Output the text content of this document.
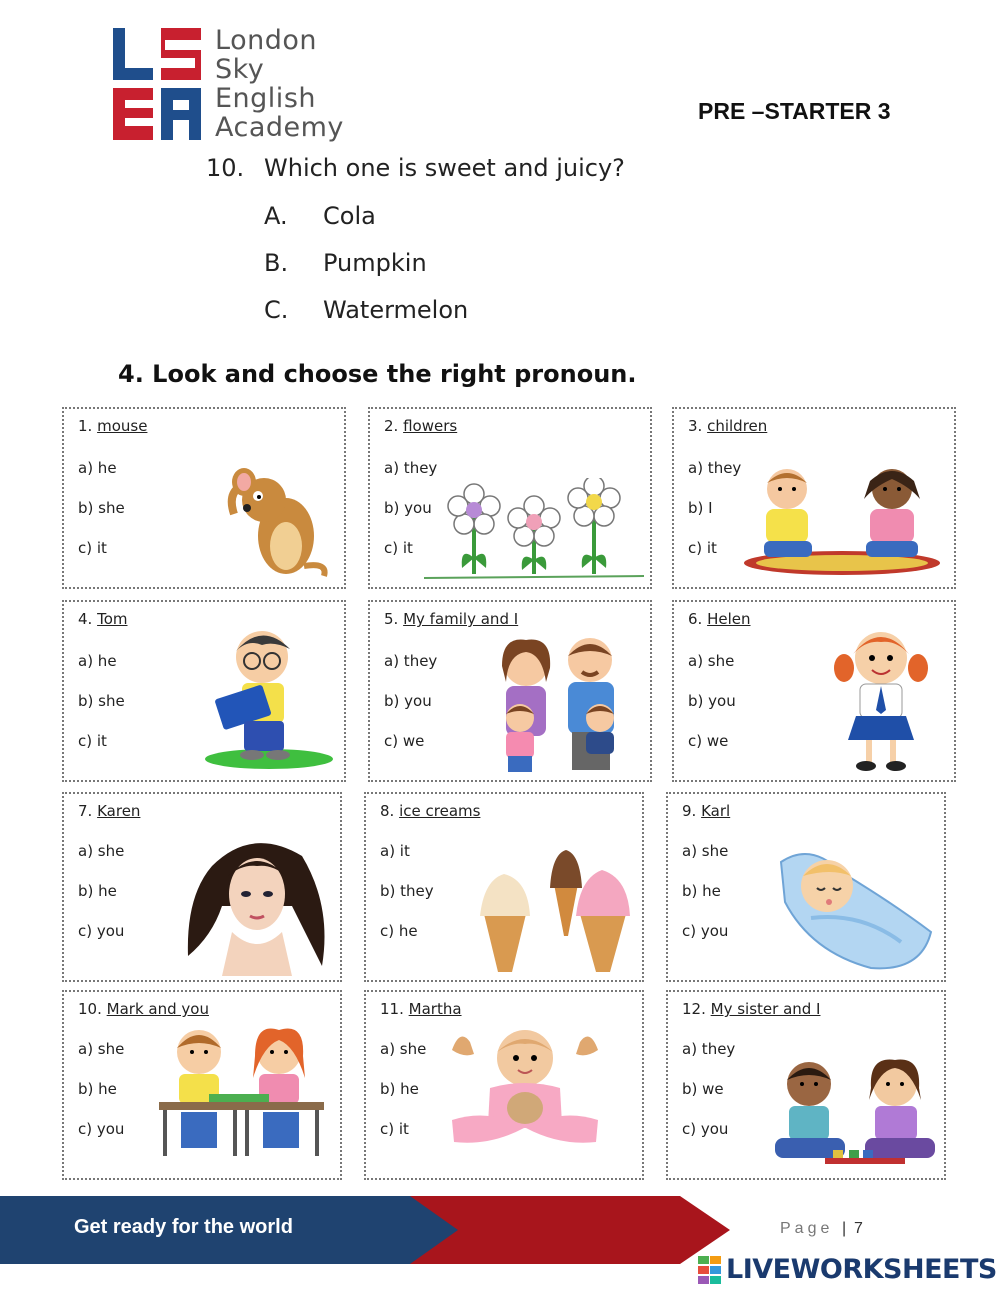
London
Sky
English
Academy
PRE –STARTER 3
10. Which one is sweet and juicy?
A. Cola
B. Pumpkin
C. Watermelon
4. Look and choose the right pronoun.
1. mouse
a) he
b) she
c) it
2. flowers
a) they
b) you
c) it
3. children
a) they
b) I
c) it
4. Tom
a) he
b) she
c) it
5. My family and I
a) they
b) you
c) we
6. Helen
a) she
b) you
c) we
7. Karen
a) she
b) he
c) you
8. ice creams
a) it
b) they
c) he
9. Karl
a) she
b) he
c) you
10. Mark and you
a) she
b) he
c) you
11. Martha
a) she
b) he
c) it
12. My sister and I
a) they
b) we
c) you
Get ready for the world	Page | 7
LIVEWORKSHEETS
